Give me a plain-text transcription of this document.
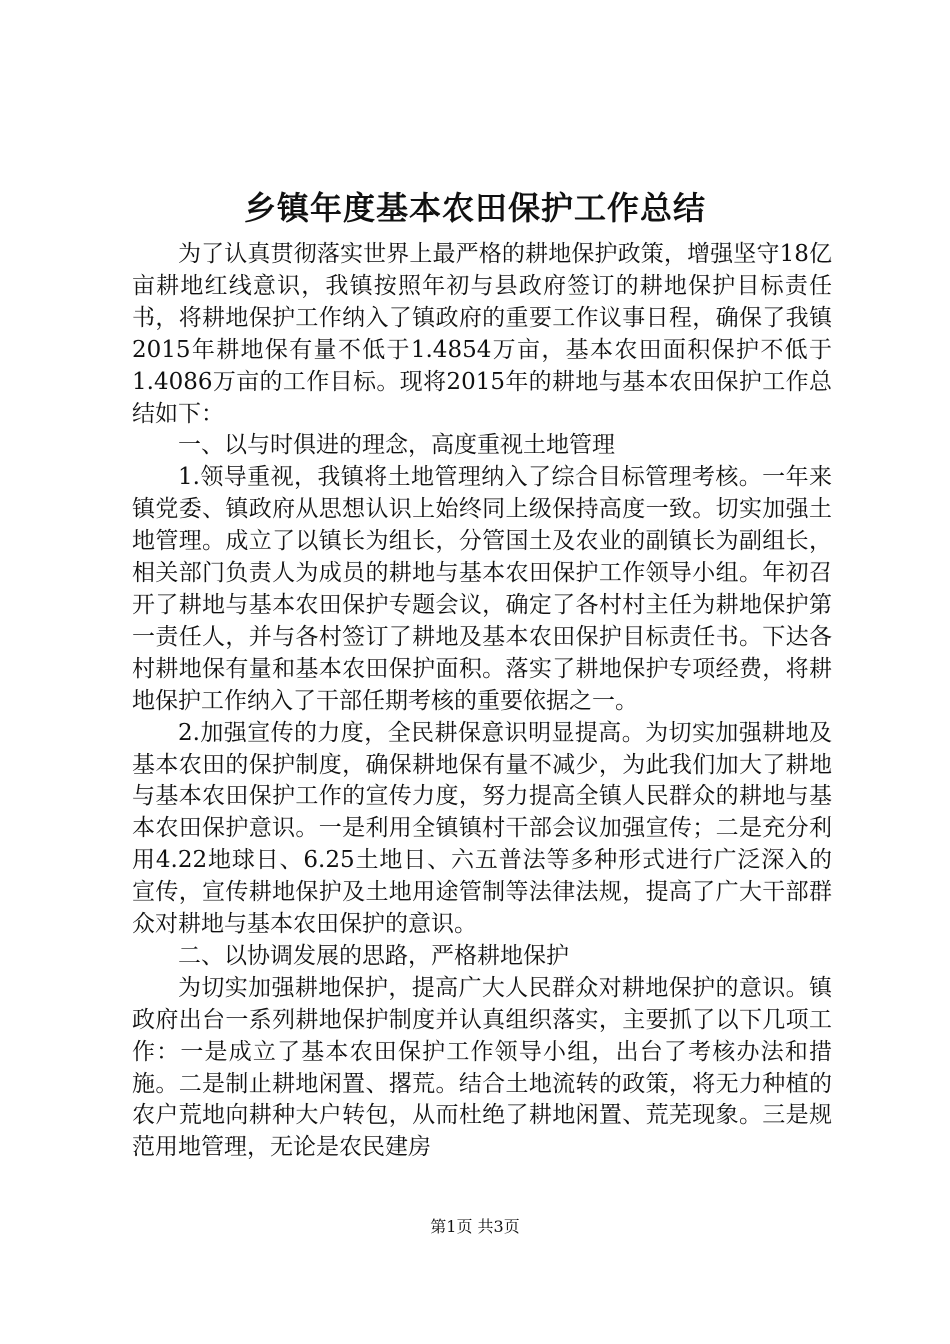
乡镇年度基本农田保护工作总结

为了认真贯彻落实世界上最严格的耕地保护政策，增强坚守18亿亩耕地红线意识，我镇按照年初与县政府签订的耕地保护目标责任书，将耕地保护工作纳入了镇政府的重要工作议事日程，确保了我镇2015年耕地保有量不低于1.4854万亩，基本农田面积保护不低于1.4086万亩的工作目标。现将2015年的耕地与基本农田保护工作总结如下：

一、以与时俱进的理念，高度重视土地管理

1.领导重视，我镇将土地管理纳入了综合目标管理考核。一年来镇党委、镇政府从思想认识上始终同上级保持高度一致。切实加强土地管理。成立了以镇长为组长，分管国土及农业的副镇长为副组长，相关部门负责人为成员的耕地与基本农田保护工作领导小组。年初召开了耕地与基本农田保护专题会议，确定了各村村主任为耕地保护第一责任人，并与各村签订了耕地及基本农田保护目标责任书。下达各村耕地保有量和基本农田保护面积。落实了耕地保护专项经费，将耕地保护工作纳入了干部任期考核的重要依据之一。

2.加强宣传的力度，全民耕保意识明显提高。为切实加强耕地及基本农田的保护制度，确保耕地保有量不减少，为此我们加大了耕地与基本农田保护工作的宣传力度，努力提高全镇人民群众的耕地与基本农田保护意识。一是利用全镇镇村干部会议加强宣传；二是充分利用4.22地球日、6.25土地日、六五普法等多种形式进行广泛深入的宣传，宣传耕地保护及土地用途管制等法律法规，提高了广大干部群众对耕地与基本农田保护的意识。

二、以协调发展的思路，严格耕地保护

为切实加强耕地保护，提高广大人民群众对耕地保护的意识。镇政府出台一系列耕地保护制度并认真组织落实，主要抓了以下几项工作：一是成立了基本农田保护工作领导小组，出台了考核办法和措施。二是制止耕地闲置、撂荒。结合土地流转的政策，将无力种植的农户荒地向耕种大户转包，从而杜绝了耕地闲置、荒芜现象。三是规范用地管理，无论是农民建房

第1页 共3页
